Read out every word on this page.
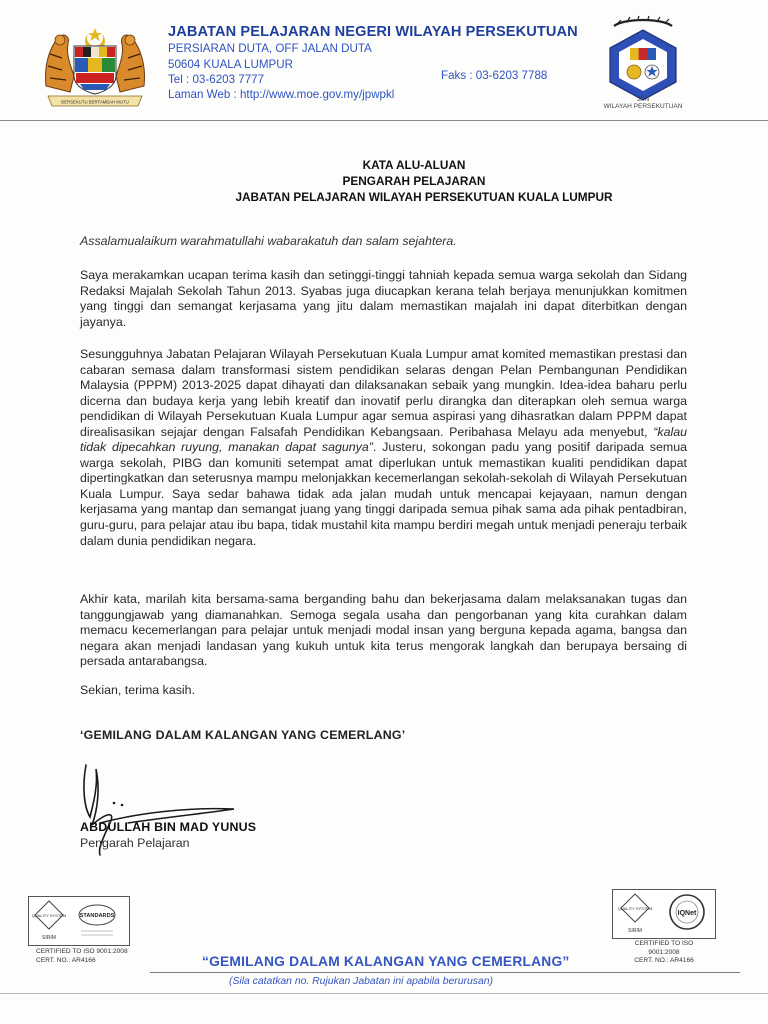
BERSEKUTU BERTAMBAH MUTU
JABATAN PELAJARAN NEGERI WILAYAH PERSEKUTUAN
PERSIARAN DUTA, OFF JALAN DUTA
50604 KUALA LUMPUR
Tel : 03-6203 7777	Faks : 03-6203 7788
Laman Web : http://www.moe.gov.my/jpwpkl	JPN
WILAYAH PERSEKUTUAN
KATA ALU-ALUAN
PENGARAH PELAJARAN
JABATAN PELAJARAN WILAYAH PERSEKUTUAN KUALA LUMPUR
Assalamualaikum warahmatullahi wabarakatuh dan salam sejahtera.
Saya merakamkan ucapan terima kasih dan setinggi-tinggi tahniah kepada semua warga sekolah dan Sidang Redaksi Majalah Sekolah Tahun 2013. Syabas juga diucapkan kerana telah berjaya menunjukkan komitmen yang tinggi dan semangat kerjasama yang jitu dalam memastikan majalah ini dapat diterbitkan dengan jayanya.
Sesungguhnya Jabatan Pelajaran Wilayah Persekutuan Kuala Lumpur amat komited memastikan prestasi dan cabaran semasa dalam transformasi sistem pendidikan selaras dengan Pelan Pembangunan Pendidikan Malaysia (PPPM) 2013-2025 dapat dihayati dan dilaksanakan sebaik yang mungkin. Idea-idea baharu perlu dicerna dan budaya kerja yang lebih kreatif dan inovatif perlu dirangka dan diterapkan oleh semua warga pendidikan di Wilayah Persekutuan Kuala Lumpur agar semua aspirasi yang dihasratkan dalam PPPM dapat direalisasikan sejajar dengan Falsafah Pendidikan Kebangsaan. Peribahasa Melayu ada menyebut, “kalau tidak dipecahkan ruyung, manakan dapat sagunya”. Justeru, sokongan padu yang positif daripada semua warga sekolah, PIBG dan komuniti setempat amat diperlukan untuk memastikan kualiti pendidikan dapat dipertingkatkan dan seterusnya mampu melonjakkan kecemerlangan sekolah-sekolah di Wilayah Persekutuan Kuala Lumpur. Saya sedar bahawa tidak ada jalan mudah untuk mencapai kejayaan, namun dengan kerjasama yang mantap dan semangat juang yang tinggi daripada semua pihak sama ada pihak pentadbiran, guru-guru, para pelajar atau ibu bapa, tidak mustahil kita mampu berdiri megah untuk menjadi peneraju terbaik dalam dunia pendidikan negara.
Akhir kata, marilah kita bersama-sama berganding bahu dan bekerjasama dalam melaksanakan tugas dan tanggungjawab yang diamanahkan. Semoga segala usaha dan pengorbanan yang kita curahkan dalam memacu kecemerlangan para pelajar untuk menjadi modal insan yang berguna kepada agama, bangsa dan negara akan menjadi landasan yang kukuh untuk kita terus mengorak langkah dan berupaya bersaing di persada antarabangsa.
Sekian, terima kasih.
‘GEMILANG DALAM KALANGAN YANG CEMERLANG’
ABDULLAH BIN MAD YUNUS
Pengarah Pelajaran
QUALITY SYSTEM
SIRIM
STANDARDS
CERTIFIED TO ISO 9001:2008
CERT. NO.: AR4166
QUALITY SYSTEM
SIRIM
IQNet
CERTIFIED TO ISO 9001:2008
CERT. NO.: AR4166
“GEMILANG DALAM KALANGAN YANG CEMERLANG”
(Sila catatkan no. Rujukan Jabatan ini apabila berurusan)
